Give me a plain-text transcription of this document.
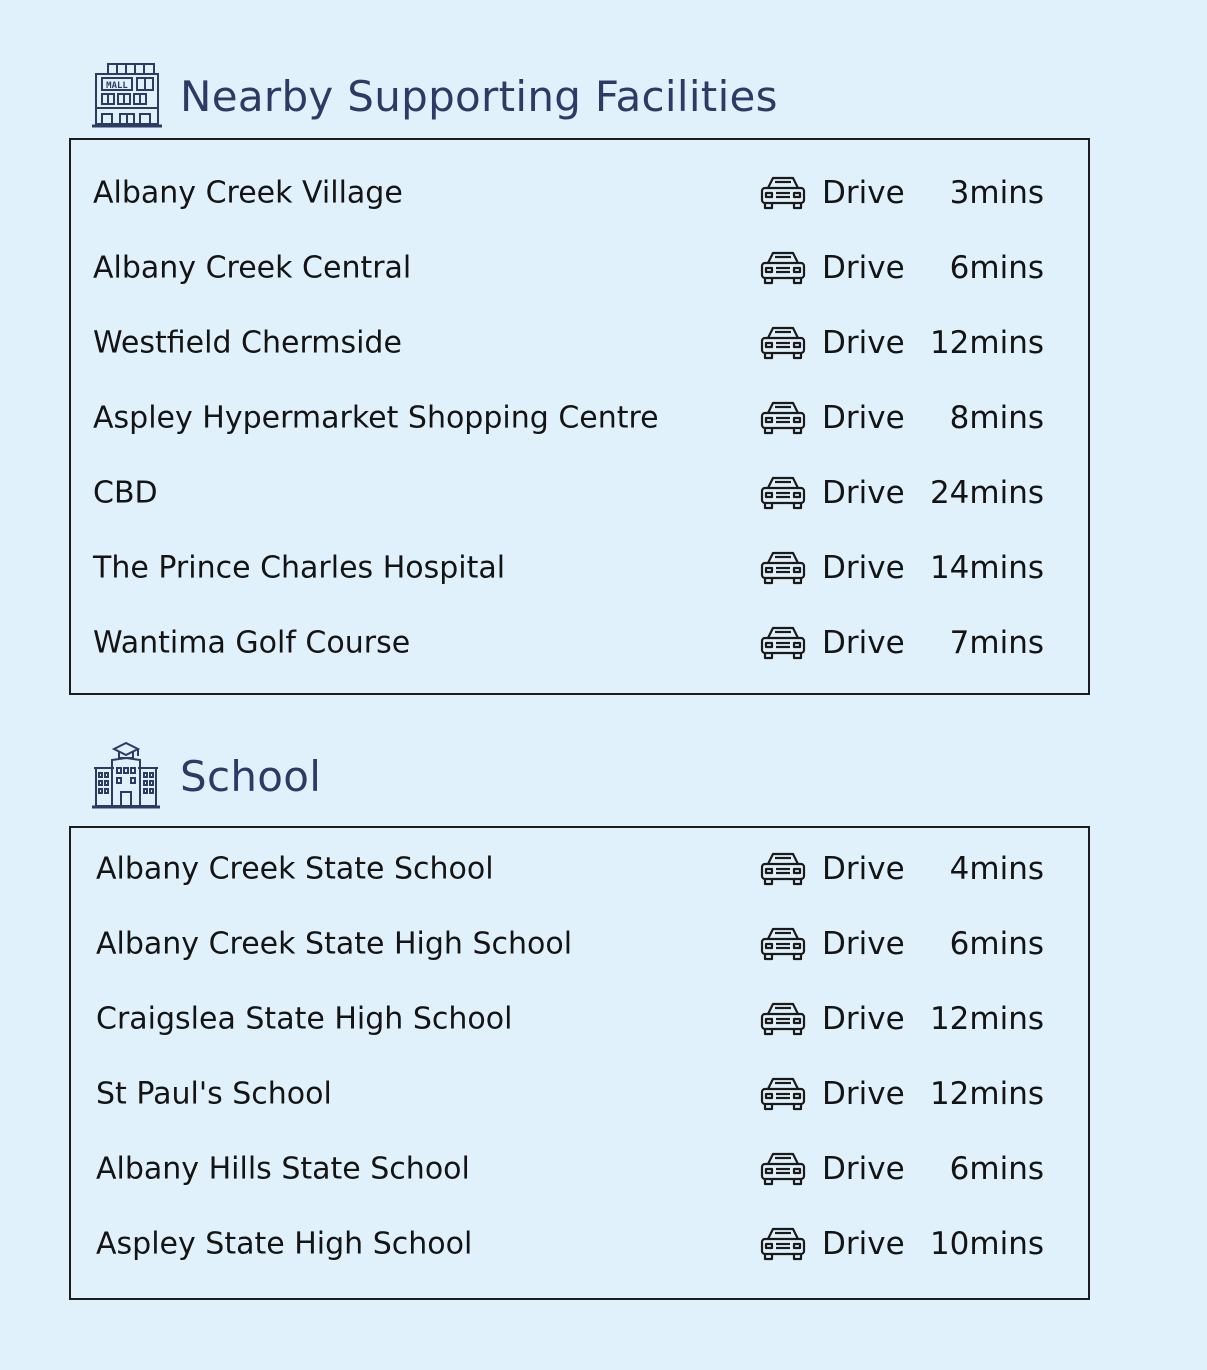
MALL Nearby Supporting Facilities
Albany Creek Village	Drive 3mins
Albany Creek Central	Drive 6mins
Westfield Chermside	Drive 12mins
Aspley Hypermarket Shopping Centre	Drive 8mins
CBD	Drive 24mins
The Prince Charles Hospital	Drive 14mins
Wantima Golf Course	Drive 7mins
School
Albany Creek State School	Drive 4mins
Albany Creek State High School	Drive 6mins
Craigslea State High School	Drive 12mins
St Paul's School	Drive 12mins
Albany Hills State School	Drive 6mins
Aspley State High School	Drive 10mins
